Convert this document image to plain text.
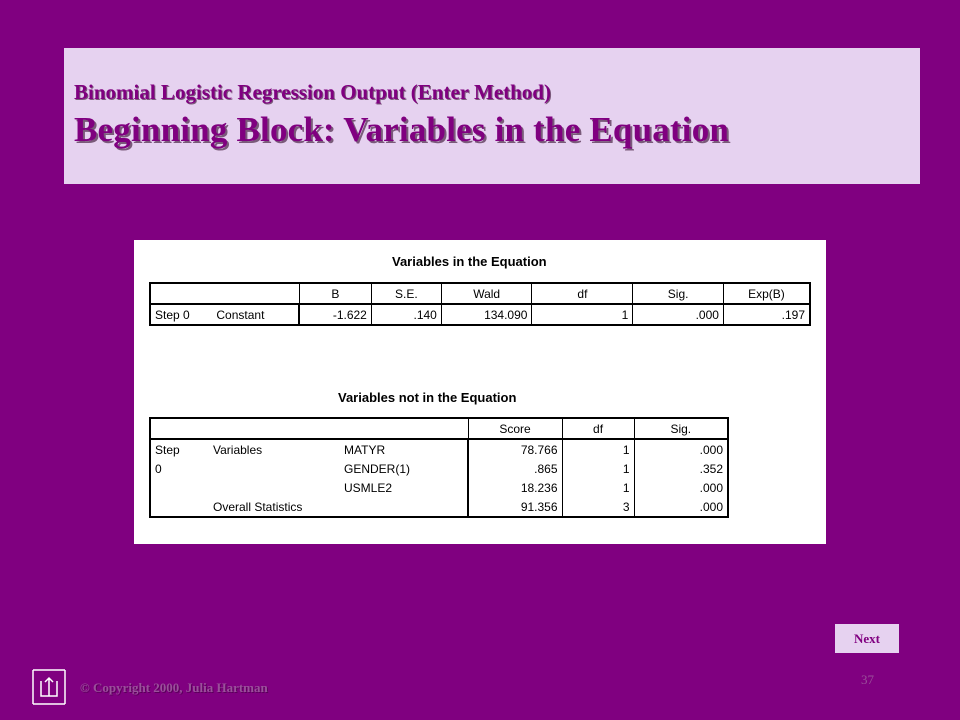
Binomial Logistic Regression Output (Enter Method)
Beginning Block: Variables in the Equation
Variables in the Equation
	B	S.E.	Wald	df	Sig.	Exp(B)
Step 0 Constant	-1.622	.140	134.090	1	.000	.197
Variables not in the Equation
			Score	df	Sig.
Step	Variables	MATYR	78.766	1	.000
0		GENDER(1)	.865	1	.352
		USMLE2	18.236	1	.000
	Overall Statistics		91.356	3	.000
Next
37
© Copyright 2000, Julia Hartman
